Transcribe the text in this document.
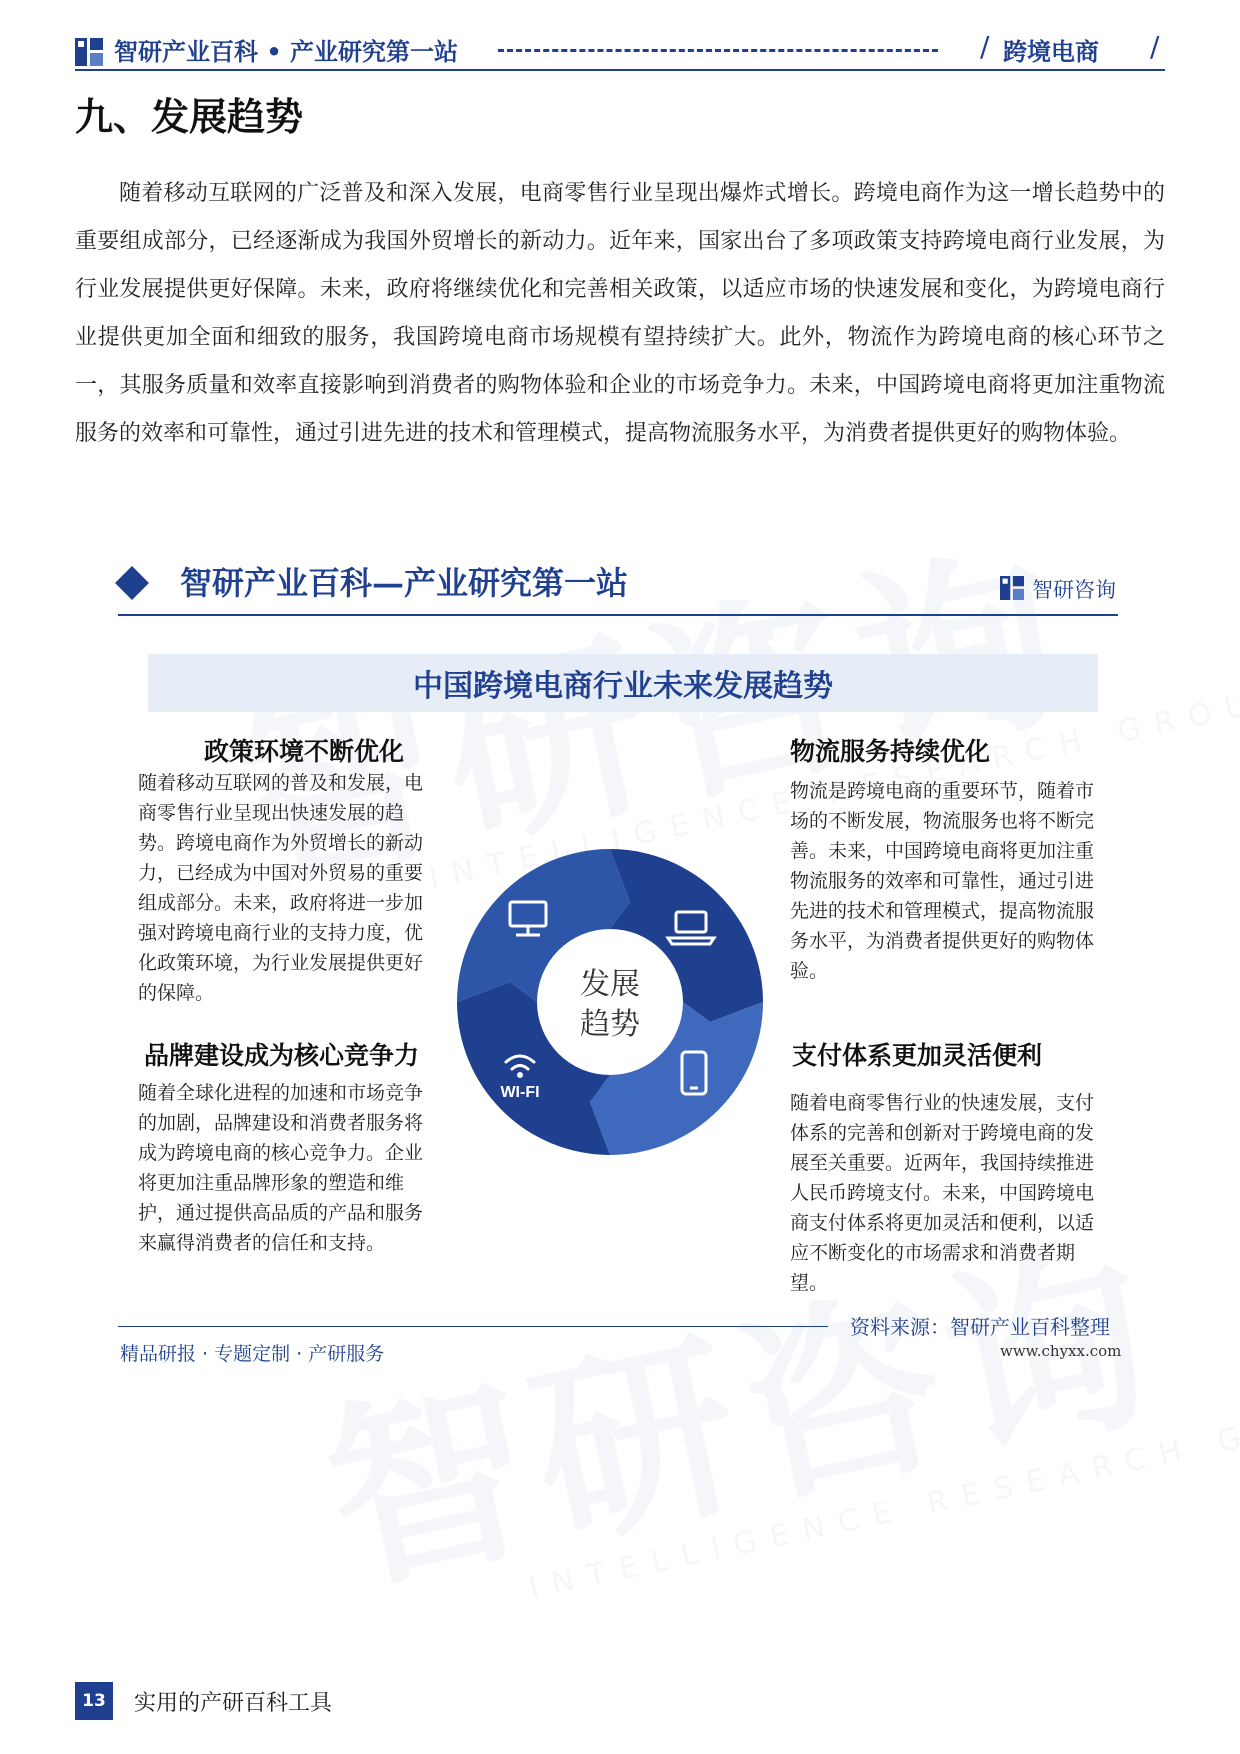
智研产业百科 • 产业研究第一站	/ 跨境电商 /
九、发展趋势

随着移动互联网的广泛普及和深入发展，电商零售行业呈现出爆炸式增长。跨境电商作为这一增长趋势中的重要组成部分，已经逐渐成为我国外贸增长的新动力。近年来，国家出台了多项政策支持跨境电商行业发展，为行业发展提供更好保障。未来，政府将继续优化和完善相关政策，以适应市场的快速发展和变化，为跨境电商行业提供更加全面和细致的服务，我国跨境电商市场规模有望持续扩大。此外，物流作为跨境电商的核心环节之一，其服务质量和效率直接影响到消费者的购物体验和企业的市场竞争力。未来，中国跨境电商将更加注重物流服务的效率和可靠性，通过引进先进的技术和管理模式，提高物流服务水平，为消费者提供更好的购物体验。

智研产业百科—产业研究第一站	智研咨询
中国跨境电商行业未来发展趋势
政策环境不断优化

随着移动互联网的普及和发展，电商零售行业呈现出快速发展的趋势。跨境电商作为外贸增长的新动力，已经成为中国对外贸易的重要组成部分。未来，政府将进一步加强对跨境电商行业的支持力度，优化政策环境，为行业发展提供更好的保障。

物流服务持续优化

物流是跨境电商的重要环节，随着市场的不断发展，物流服务也将不断完善。未来，中国跨境电商将更加注重物流服务的效率和可靠性，通过引进先进的技术和管理模式，提高物流服务水平，为消费者提供更好的购物体验。

品牌建设成为核心竞争力

随着全球化进程的加速和市场竞争的加剧，品牌建设和消费者服务将成为跨境电商的核心竞争力。企业将更加注重品牌形象的塑造和维护，通过提供高品质的产品和服务来赢得消费者的信任和支持。

支付体系更加灵活便利

随着电商零售行业的快速发展，支付体系的完善和创新对于跨境电商的发展至关重要。近两年，我国持续推进人民币跨境支付。未来，中国跨境电商支付体系将更加灵活和便利，以适应不断变化的市场需求和消费者期望。

WI-FI
发展
趋势
资料来源：智研产业百科整理
精品研报 · 专题定制 · 产研服务	www.chyxx.com
13	实用的产研百科工具
